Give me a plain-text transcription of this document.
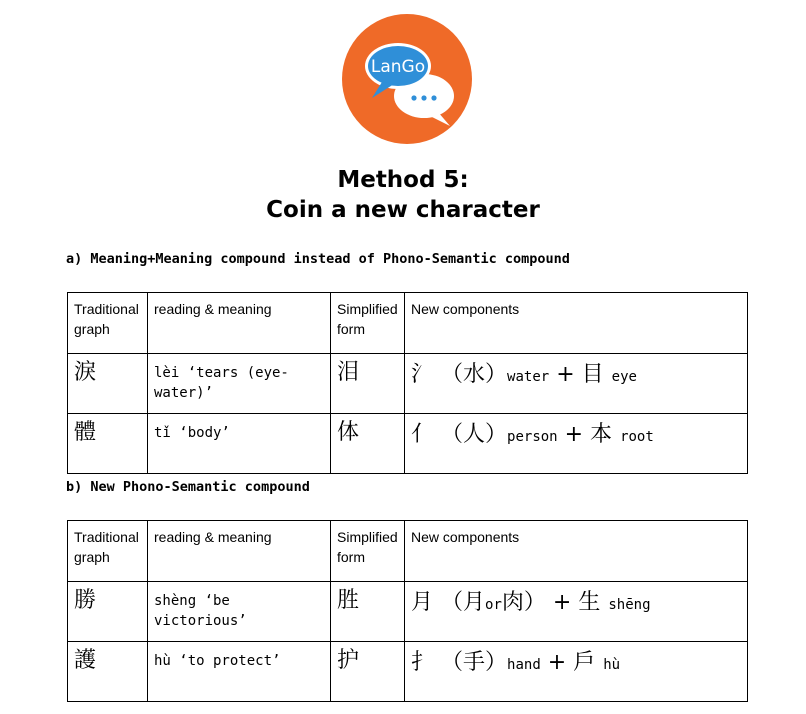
LanGo
Method 5:
Coin a new character
a) Meaning+Meaning compound instead of Phono-Semantic compound
Traditional graph	reading & meaning	Simplified form	New components
淚	lèi ‘tears (eye-water)’	泪	氵 （水）water + 目 eye
體	tǐ ‘body’	体	亻 （人）person + 本 root
b) New Phono-Semantic compound
Traditional graph	reading & meaning	Simplified form	New components
勝	shèng ‘be victorious’	胜	月 （月or肉） + 生 shēng
護	hù ‘to protect’	护	扌 （手）hand + 戶 hù
